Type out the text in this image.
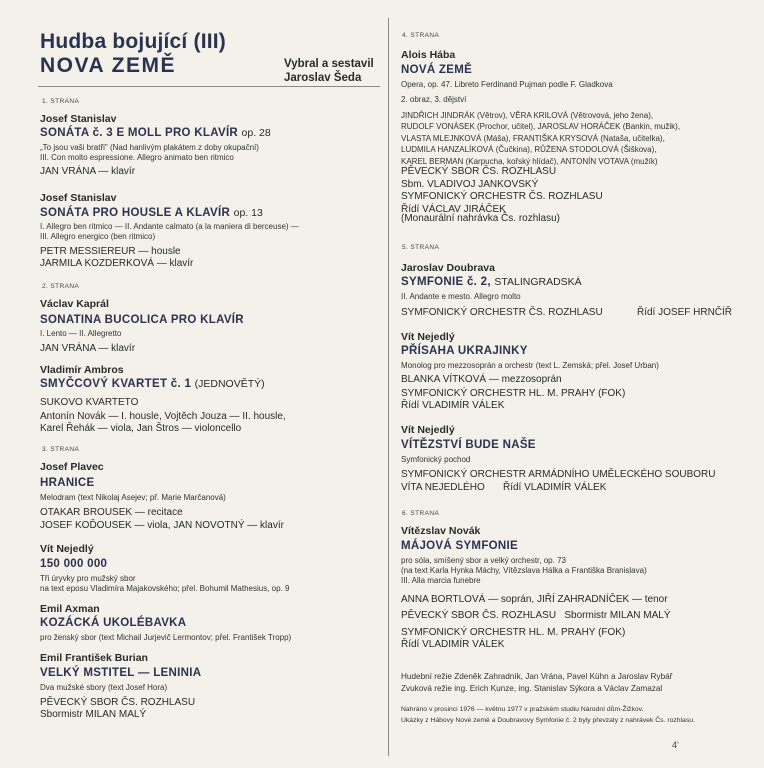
Hudba bojující (III)
NOVA ZEMĚ	Vybral a sestavil
Jaroslav Šeda
1. STRANA
Josef Stanislav
SONÁTA č. 3 E MOLL PRO KLAVÍR op. 28
„To jsou vaši bratři" (Nad hanlivým plakátem z doby okupační)
III. Con molto espressione. Allegro animato ben ritmico
JAN VRÁNA — klavír
Josef Stanislav
SONÁTA PRO HOUSLE A KLAVÍR op. 13
I. Allegro ben ritmico — II. Andante calmato (a la maniera di berceuse) —
III. Allegro energico (ben ritmico)
PETR MESSIEREUR — housle
JARMILA KOZDERKOVÁ — klavír
2. STRANA
Václav Kaprál
SONATINA BUCOLICA PRO KLAVÍR
I. Lento — II. Allegretto
JAN VRÁNA — klavír
Vladimír Ambros
SMYČCOVÝ KVARTET č. 1 (JEDNOVĚTÝ)
SUKOVO KVARTETO
Antonín Novák — I. housle, Vojtěch Jouza — II. housle,
Karel Řehák — viola, Jan Štros — violoncello
3. STRANA
Josef Plavec
HRANICE
Melodram (text Nikolaj Asejev; př. Marie Marčanová)
OTAKAR BROUSEK — recitace
JOSEF KOĎOUSEK — viola, JAN NOVOTNÝ — klavír
Vít Nejedlý
150 000 000
Tři úryvky pro mužský sbor
na text eposu Vladimíra Majakovského; přel. Bohumil Mathesius, op. 9
Emil Axman
KOZÁCKÁ UKOLÉBAVKA
pro ženský sbor (text Michail Jurjevič Lermontov; přel. František Tropp)
Emil František Burian
VELKÝ MSTITEL — LENINIA
Dva mužské sbory (text Josef Hora)
PĚVECKÝ SBOR ČS. ROZHLASU
Sbormistr MILAN MALÝ
4. STRANA
Alois Hába
NOVÁ ZEMĚ
Opera, op. 47. Libreto Ferdinand Pujman podle F. Gladkova
2. obraz, 3. dějství
JINDŘICH JINDRÁK (Větrov), VĚRA KRILOVÁ (Větrovová, jeho žena),
RUDOLF VONÁSEK (Prochor, učitel), JAROSLAV HORÁČEK (Bankin, mužik),
VLASTA MLEJNKOVÁ (Máša), FRANTIŠKA KRYSOVÁ (Nataša, učitelka),
LUDMILA HANZALÍKOVÁ (Čučkina), RŮŽENA STODOLOVÁ (Šiškova),
KAREL BERMAN (Karpucha, kořský hlídač), ANTONÍN VOTAVA (mužík)
PĚVECKÝ SBOR ČS. ROZHLASU
Sbm. VLADIVOJ JANKOVSKÝ
SYMFONICKÝ ORCHESTR ČS. ROZHLASU
Řídí VÁCLAV JIRÁČEK
(Monaurální nahrávka Čs. rozhlasu)
5. STRANA
Jaroslav Doubrava
SYMFONIE č. 2, STALINGRADSKÁ
II. Andante e mesto. Allegro molto
SYMFONICKÝ ORCHESTR ČS. ROZHLASU	Řídí JOSEF HRNČÍŘ
Vít Nejedlý
PŘÍSAHA UKRAJINKY
Monolog pro mezzosoprán a orchestr (text L. Zemská; přel. Josef Urban)
BLANKA VÍTKOVÁ — mezzosoprán
SYMFONICKÝ ORCHESTR HL. M. PRAHY (FOK)
Řídí VLADIMÍR VÁLEK
Vít Nejedlý
VÍTĚZSTVÍ BUDE NAŠE
Symfonický pochod
SYMFONICKÝ ORCHESTR ARMÁDNÍHO UMĚLECKÉHO SOUBORU
VÍTA NEJEDLÉHO Řídí VLADIMÍR VÁLEK
6. STRANA
Vítězslav Novák
MÁJOVÁ SYMFONIE
pro sóla, smíšený sbor a velký orchestr, op. 73
(na text Karla Hynka Máchy, Vítězslava Hálka a Františka Branislava)
III. Alla marcia funebre
ANNA BORTLOVÁ — soprán, JIŘÍ ZAHRADNÍČEK — tenor
PĚVECKÝ SBOR ČS. ROZHLASU   Sbormistr MILAN MALÝ
SYMFONICKÝ ORCHESTR HL. M. PRAHY (FOK)
Řídí VLADIMÍR VÁLEK
Hudební režie Zdeněk Zahradník, Jan Vrána, Pavel Kühn a Jaroslav Rybář
Zvuková režie ing. Erich Kunze, ing. Stanislav Sýkora a Václav Zamazal
Nahráno v prosinci 1976 — květnu 1977 v pražském studiu Národní dům-Žižkov.
Ukázky z Hábovy Nové země a Doubravovy Symfonie č. 2 byly převzaty z nahrávek Čs. rozhlasu.
4'
